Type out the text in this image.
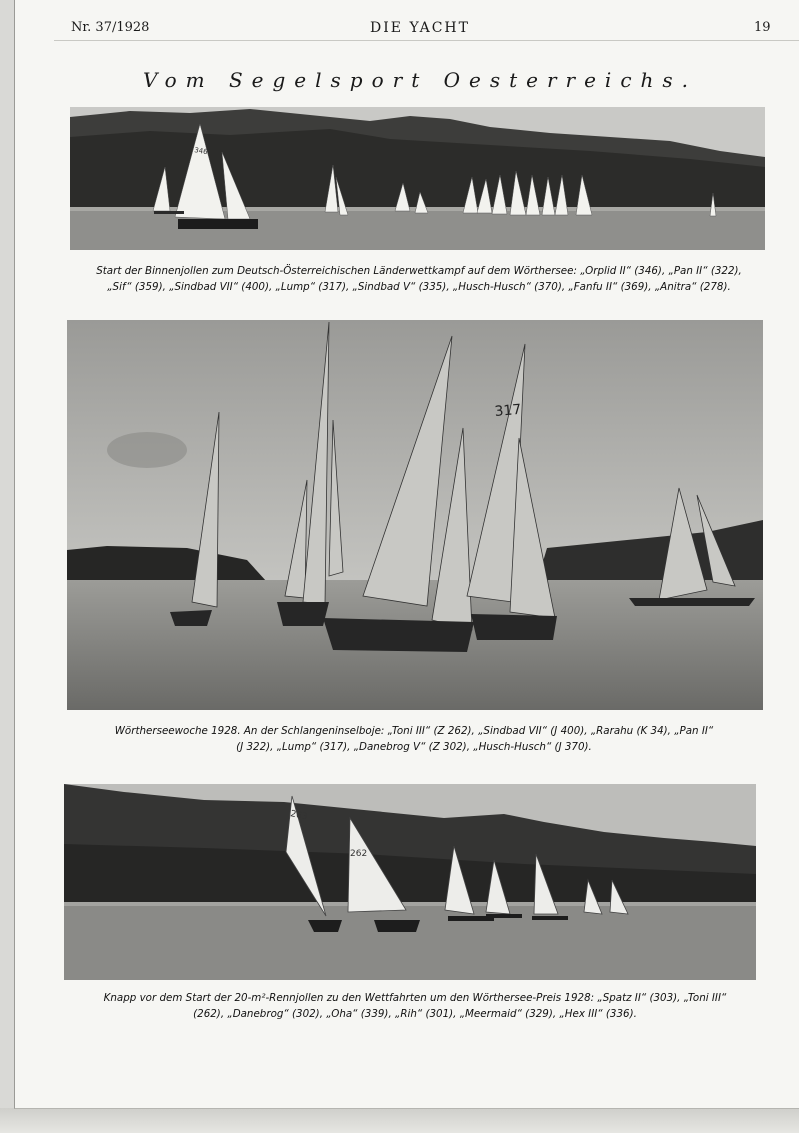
Nr. 37/1928	DIE YACHT	19
Vom Segelsport Oesterreichs.
346
Start der Binnenjollen zum Deutsch-Österreichischen Länderwettkampf auf dem Wörthersee: „Orplid II“ (346), „Pan II“ (322),
„Sif“ (359), „Sindbad VII“ (400), „Lump“ (317), „Sindbad V“ (335), „Husch-Husch“ (370), „Fanfu II“ (369), „Anitra“ (278).
317
Wörtherseewoche 1928. An der Schlangeninselboje: „Toni III“ (Z 262), „Sindbad VII“ (J 400), „Rarahu (K 34), „Pan II“
(J 322), „Lump“ (317), „Danebrog V“ (Z 302), „Husch-Husch“ (J 370).
263
262
Knapp vor dem Start der 20-m²-Rennjollen zu den Wettfahrten um den Wörthersee-Preis 1928: „Spatz II“ (303), „Toni III“
(262), „Danebrog“ (302), „Oha“ (339), „Rih“ (301), „Meermaid“ (329), „Hex III“ (336).
